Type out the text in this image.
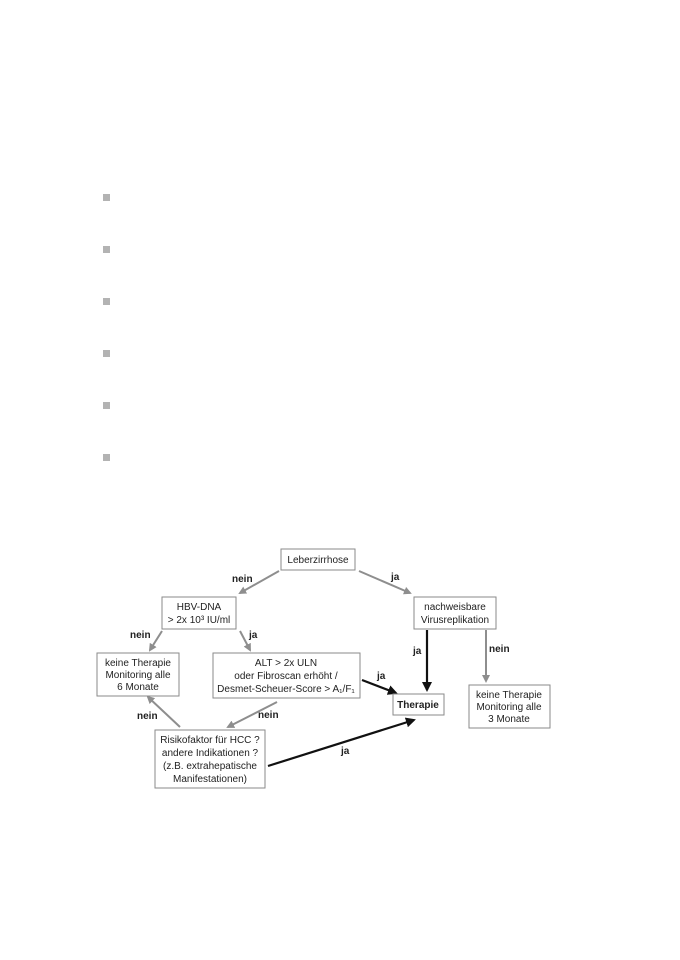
nein	ja
nein	ja
ja	nein
ja
nein
nein
ja
Leberzirrhose
HBV-DNA
> 2x 10³ IU/ml
nachweisbare
Virusreplikation
keine Therapie
Monitoring alle
6 Monate
ALT > 2x ULN
oder Fibroscan erhöht /
Desmet-Scheuer-Score > A₁/F₁
Therapie
keine Therapie
Monitoring alle
3 Monate
Risikofaktor für HCC ?
andere Indikationen ?
(z.B. extrahepatische
Manifestationen)
